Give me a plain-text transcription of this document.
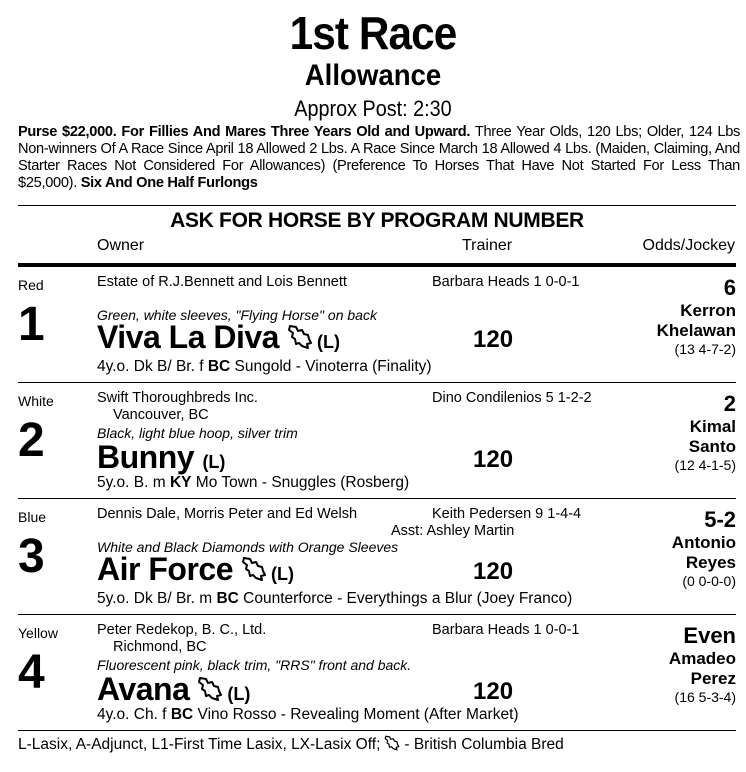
1st Race
Allowance
Approx Post: 2:30
Purse $22,000. For Fillies And Mares Three Years Old and Upward. Three Year Olds, 120 Lbs; Older, 124 Lbs Non-winners Of A Race Since April 18 Allowed 2 Lbs. A Race Since March 18 Allowed 4 Lbs. (Maiden, Claiming, And Starter Races Not Considered For Allowances) (Preference To Horses That Have Not Started For Less Than $25,000). Six And One Half Furlongs
ASK FOR HORSE BY PROGRAM NUMBER
Owner	Trainer	Odds/Jockey
Red
1
Estate of R.J.Bennett and Lois Bennett	Barbara Heads 1 0-0-1
Green, white sleeves, "Flying Horse" on back
Viva La Diva (L)	120
4y.o. Dk B/ Br. f BC Sungold - Vinoterra (Finality)
6
Kerron
Khelawan
(13 4-7-2)
White
2
Swift Thoroughbreds Inc.
Vancouver, BC
Dino Condilenios 5 1-2-2
Black, light blue hoop, silver trim
Bunny (L)	120
5y.o. B. m KY Mo Town - Snuggles (Rosberg)
2
Kimal
Santo
(12 4-1-5)
Blue
3
Dennis Dale, Morris Peter and Ed Welsh	Keith Pedersen 9 1-4-4
Asst: Ashley Martin
White and Black Diamonds with Orange Sleeves
Air Force (L)	120
5y.o. Dk B/ Br. m BC Counterforce - Everythings a Blur (Joey Franco)
5-2
Antonio
Reyes
(0 0-0-0)
Yellow
4
Peter Redekop, B. C., Ltd.
Richmond, BC
Barbara Heads 1 0-0-1
Fluorescent pink, black trim, "RRS" front and back.
Avana (L)	120
4y.o. Ch. f BC Vino Rosso - Revealing Moment (After Market)
Even
Amadeo
Perez
(16 5-3-4)
L-Lasix, A-Adjunct, L1-First Time Lasix, LX-Lasix Off; - British Columbia Bred
